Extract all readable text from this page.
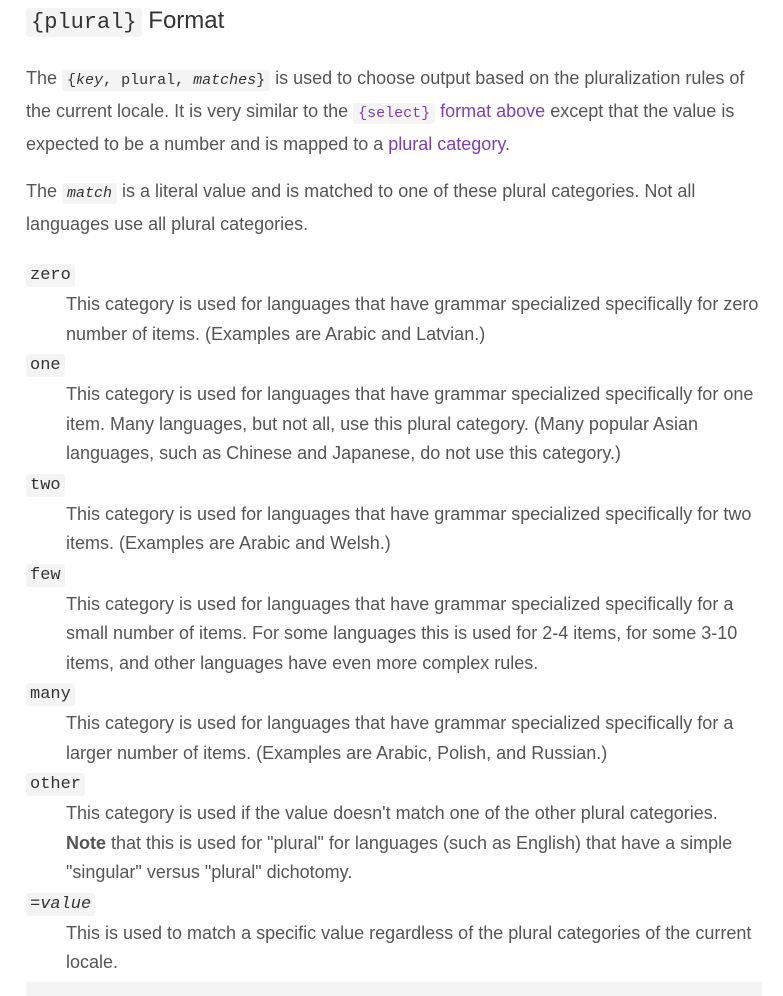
{plural} Format

The {key, plural, matches} is used to choose output based on the pluralization rules of the current locale. It is very similar to the {select} format above except that the value is expected to be a number and is mapped to a plural category.

The match is a literal value and is matched to one of these plural categories. Not all languages use all plural categories.

zero
This category is used for languages that have grammar specialized specifically for zero number of items. (Examples are Arabic and Latvian.)
one
This category is used for languages that have grammar specialized specifically for one item. Many languages, but not all, use this plural category. (Many popular Asian languages, such as Chinese and Japanese, do not use this category.)
two
This category is used for languages that have grammar specialized specifically for two items. (Examples are Arabic and Welsh.)
few
This category is used for languages that have grammar specialized specifically for a small number of items. For some languages this is used for 2-4 items, for some 3-10 items, and other languages have even more complex rules.
many
This category is used for languages that have grammar specialized specifically for a larger number of items. (Examples are Arabic, Polish, and Russian.)
other
This category is used if the value doesn't match one of the other plural categories. Note that this is used for "plural" for languages (such as English) that have a simple "singular" versus "plural" dichotomy.
=value
This is used to match a specific value regardless of the plural categories of the current locale.
